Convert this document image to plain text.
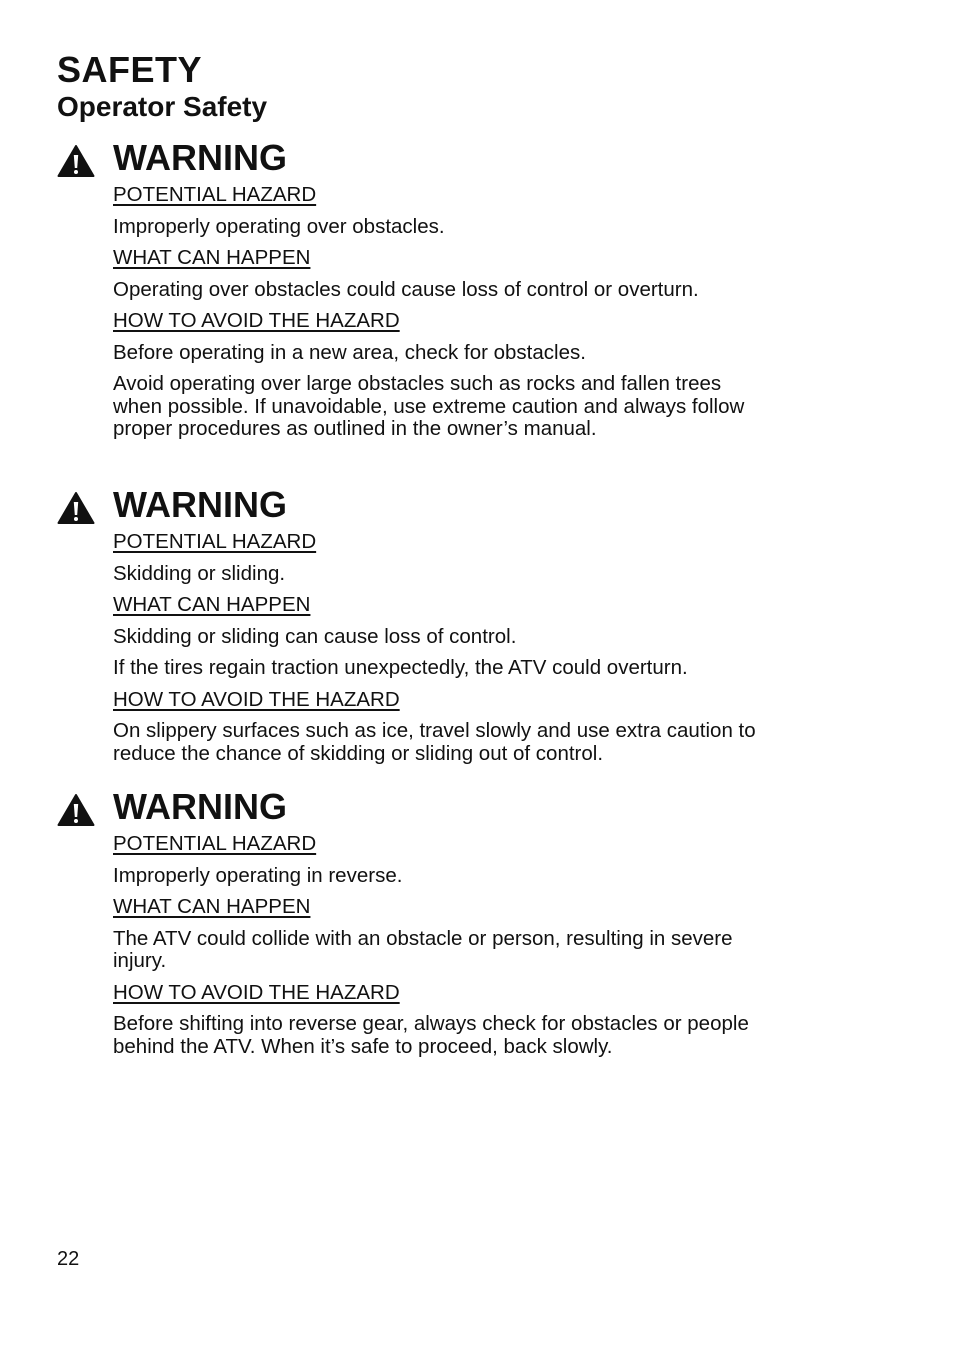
SAFETY
Operator Safety
WARNING

POTENTIAL HAZARD

Improperly operating over obstacles.

WHAT CAN HAPPEN

Operating over obstacles could cause loss of control or overturn.

HOW TO AVOID THE HAZARD

Before operating in a new area, check for obstacles.

Avoid operating over large obstacles such as rocks and fallen trees when possible. If unavoidable, use extreme caution and always follow proper procedures as outlined in the owner’s manual.

WARNING

POTENTIAL HAZARD

Skidding or sliding.

WHAT CAN HAPPEN

Skidding or sliding can cause loss of control.

If the tires regain traction unexpectedly, the ATV could overturn.

HOW TO AVOID THE HAZARD

On slippery surfaces such as ice, travel slowly and use extra caution to reduce the chance of skidding or sliding out of control.

WARNING

POTENTIAL HAZARD

Improperly operating in reverse.

WHAT CAN HAPPEN

The ATV could collide with an obstacle or person, resulting in severe injury.

HOW TO AVOID THE HAZARD

Before shifting into reverse gear, always check for obstacles or people behind the ATV. When it’s safe to proceed, back slowly.

22
